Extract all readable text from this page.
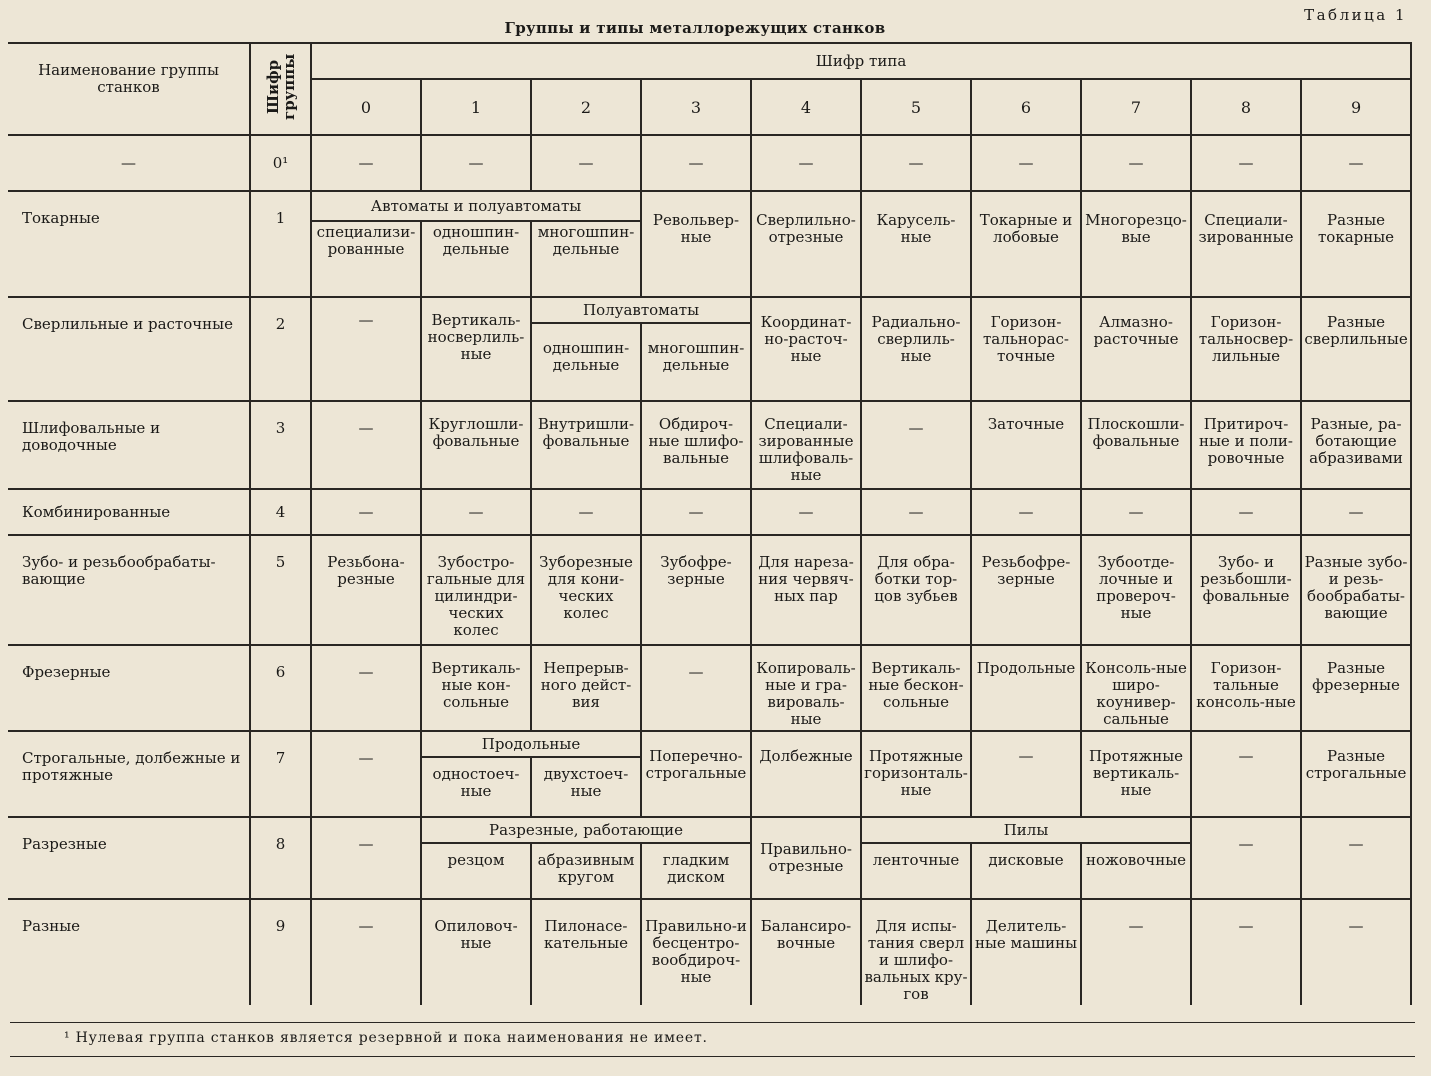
Группы и типы металлорежущих станков
Таблица 1
Наименование группы станков	Шифр группы	Шифр типа									
		0	1	2	3	4	5	6	7	8	9
—	0¹	—	—	—	—	—	—	—	—	—	—
Токарные	1	Автоматы и полуавтоматы			Револьвер-ные	Сверлильно-отрезные	Карусель-ные	Токарные и лобовые	Многорезцо-вые	Специали-зированные	Разные токарные
		специализи-рованные	одношпин-дельные	многошпин-дельные							
Сверлильные и расточные	2	—	Вертикаль-носверлиль-ные	Полуавтоматы		Координат-но-расточ-ные	Радиально-сверлиль-ные	Горизон-тальнорас-точные	Алмазно-расточные	Горизон-тальносвер-лильные	Разные сверлильные
				одношпин-дельные	многошпин-дельные						
Шлифовальные и доводочные	3	—	Круглошли-фовальные	Внутришли-фовальные	Обдироч-ные шлифо-вальные	Специали-зированные шлифоваль-ные	—	Заточные	Плоскошли-фовальные	Притироч-ные и поли-ровочные	Разные, ра-ботающие абразивами
Комбинированные	4	—	—	—	—	—	—	—	—	—	—
Зубо- и резьбообрабаты-вающие	5	Резьбона-резные	Зубостро-гальные для цилиндри-ческих колес	Зуборезные для кони-ческих колес	Зубофре-зерные	Для нареза-ния червяч-ных пар	Для обра-ботки тор-цов зубьев	Резьбофре-зерные	Зубоотде-лочные и провероч-ные	Зубо- и резьбошли-фовальные	Разные зубо- и резь-бообрабаты-вающие
Фрезерные	6	—	Вертикаль-ные кон-сольные	Непрерыв-ного дейст-вия	—	Копироваль-ные и гра-вироваль-ные	Вертикаль-ные бескон-сольные	Продольные	Консоль-ные широ-коунивер-сальные	Горизон-тальные консоль-ные	Разные фрезерные
Строгальные, долбежные и протяжные	7	—	Продольные		Поперечно-строгальные	Долбежные	Протяжные горизонталь-ные	—	Протяжные вертикаль-ные	—	Разные строгальные
			одностоеч-ные	двухстоеч-ные							
Разрезные	8	—	Разрезные, работающие			Правильно-отрезные	Пилы			—	—
			резцом	абразивным кругом	гладким диском		ленточные	дисковые	ножовочные		
Разные	9	—	Опиловоч-ные	Пилонасе-кательные	Правильно-и бесцентро-вообдироч-ные	Балансиро-вочные	Для испы-тания сверл и шлифо-вальных кру-гов	Делитель-ные машины	—	—	—
¹ Нулевая группа станков является резервной и пока наименования не имеет.
